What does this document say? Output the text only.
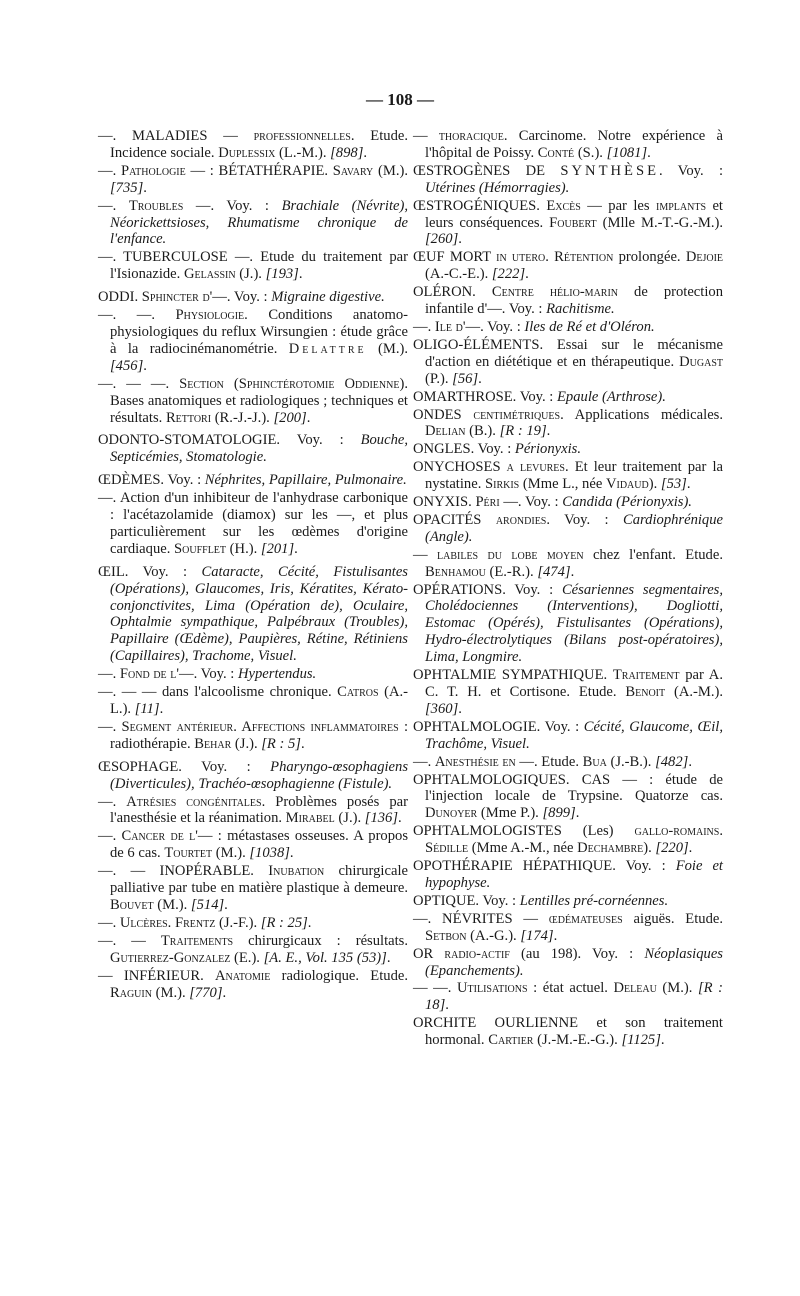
— 108 —

—. MALADIES — professionnelles. Etude. Incidence sociale. Duplessix (L.-M.). [898].

—. Pathologie — : BÉTATHÉRAPIE. Savary (M.). [735].

—. Troubles —. Voy. : Brachiale (Névrite), Néorickettsioses, Rhumatisme chronique de l'enfance.

—. TUBERCULOSE —. Etude du traitement par l'Isionazide. Gelassin (J.). [193].

ODDI. Sphincter d'—. Voy. : Migraine digestive.

—. —. Physiologie. Conditions anatomo-physiologiques du reflux Wirsungien : étude grâce à la radiocinémanométrie. Delattre (M.). [456].

—. — —. Section (Sphinctérotomie Oddienne). Bases anatomiques et radiologiques ; techniques et résultats. Rettori (R.-J.-J.). [200].

ODONTO-STOMATOLOGIE. Voy. : Bouche, Septicémies, Stomatologie.

ŒDÈMES. Voy. : Néphrites, Papillaire, Pulmonaire.

—. Action d'un inhibiteur de l'anhydrase carbonique : l'acétazolamide (diamox) sur les —, et plus particulièrement sur les œdèmes d'origine cardiaque. Soufflet (H.). [201].

ŒIL. Voy. : Cataracte, Cécité, Fistulisantes (Opérations), Glaucomes, Iris, Kératites, Kérato-conjonctivites, Lima (Opération de), Oculaire, Ophtalmie sympathique, Palpébraux (Troubles), Papillaire (Œdème), Paupières, Rétine, Rétiniens (Capillaires), Trachome, Visuel.

—. Fond de l'—. Voy. : Hypertendus.

—. — — dans l'alcoolisme chronique. Catros (A.-L.). [11].

—. Segment antérieur. Affections inflammatoires : radiothérapie. Behar (J.). [R : 5].

ŒSOPHAGE. Voy. : Pharyngo-œsophagiens (Diverticules), Trachéo-œsophagienne (Fistule).

—. Atrésies congénitales. Problèmes posés par l'anesthésie et la réanimation. Mirabel (J.). [136].

—. Cancer de l'— : métastases osseuses. A propos de 6 cas. Tourtet (M.). [1038].

—. — INOPÉRABLE. Inubation chirurgicale palliative par tube en matière plastique à demeure. Bouvet (M.). [514].

—. Ulcères. Frentz (J.-F.). [R : 25].

—. — Traitements chirurgicaux : résultats. Gutierrez-Gonzalez (E.). [A. E., Vol. 135 (53)].

— INFÉRIEUR. Anatomie radiologique. Etude. Raguin (M.). [770].

— thoracique. Carcinome. Notre expérience à l'hôpital de Poissy. Conté (S.). [1081].

ŒSTROGÈNES DE SYNTHÈSE. Voy. : Utérines (Hémorragies).

ŒSTROGÉNIQUES. Excès — par les implants et leurs conséquences. Foubert (Mlle M.-T.-G.-M.). [260].

ŒUF MORT in utero. Rétention prolongée. Dejoie (A.-C.-E.). [222].

OLÉRON. Centre hélio-marin de protection infantile d'—. Voy. : Rachitisme.

—. Ile d'—. Voy. : Iles de Ré et d'Oléron.

OLIGO-ÉLÉMENTS. Essai sur le mécanisme d'action en diététique et en thérapeutique. Dugast (P.). [56].

OMARTHROSE. Voy. : Epaule (Arthrose).

ONDES centimétriques. Applications médicales. Delian (B.). [R : 19].

ONGLES. Voy. : Périonyxis.

ONYCHOSES a levures. Et leur traitement par la nystatine. Sirkis (Mme L., née Vidaud). [53].

ONYXIS. Péri —. Voy. : Candida (Périonyxis).

OPACITÉS arondies. Voy. : Cardiophrénique (Angle).

— labiles du lobe moyen chez l'enfant. Etude. Benhamou (E.-R.). [474].

OPÉRATIONS. Voy. : Césariennes segmentaires, Cholédociennes (Interventions), Dogliotti, Estomac (Opérés), Fistulisantes (Opérations), Hydro-électrolytiques (Bilans post-opératoires), Lima, Longmire.

OPHTALMIE SYMPATHIQUE. Traitement par A. C. T. H. et Cortisone. Etude. Benoit (A.-M.). [360].

OPHTALMOLOGIE. Voy. : Cécité, Glaucome, Œil, Trachôme, Visuel.

—. Anesthésie en —. Etude. Bua (J.-B.). [482].

OPHTALMOLOGIQUES. CAS — : étude de l'injection locale de Trypsine. Quatorze cas. Dunoyer (Mme P.). [899].

OPHTALMOLOGISTES (Les) gallo-romains. Sédille (Mme A.-M., née Dechambre). [220].

OPOTHÉRAPIE HÉPATHIQUE. Voy. : Foie et hypophyse.

OPTIQUE. Voy. : Lentilles pré-cornéennes.

—. NÉVRITES — œdémateuses aiguës. Etude. Setbon (A.-G.). [174].

OR radio-actif (au 198). Voy. : Néoplasiques (Epanchements).

— —. Utilisations : état actuel. Deleau (M.). [R : 18].

ORCHITE OURLIENNE et son traitement hormonal. Cartier (J.-M.-E.-G.). [1125].
